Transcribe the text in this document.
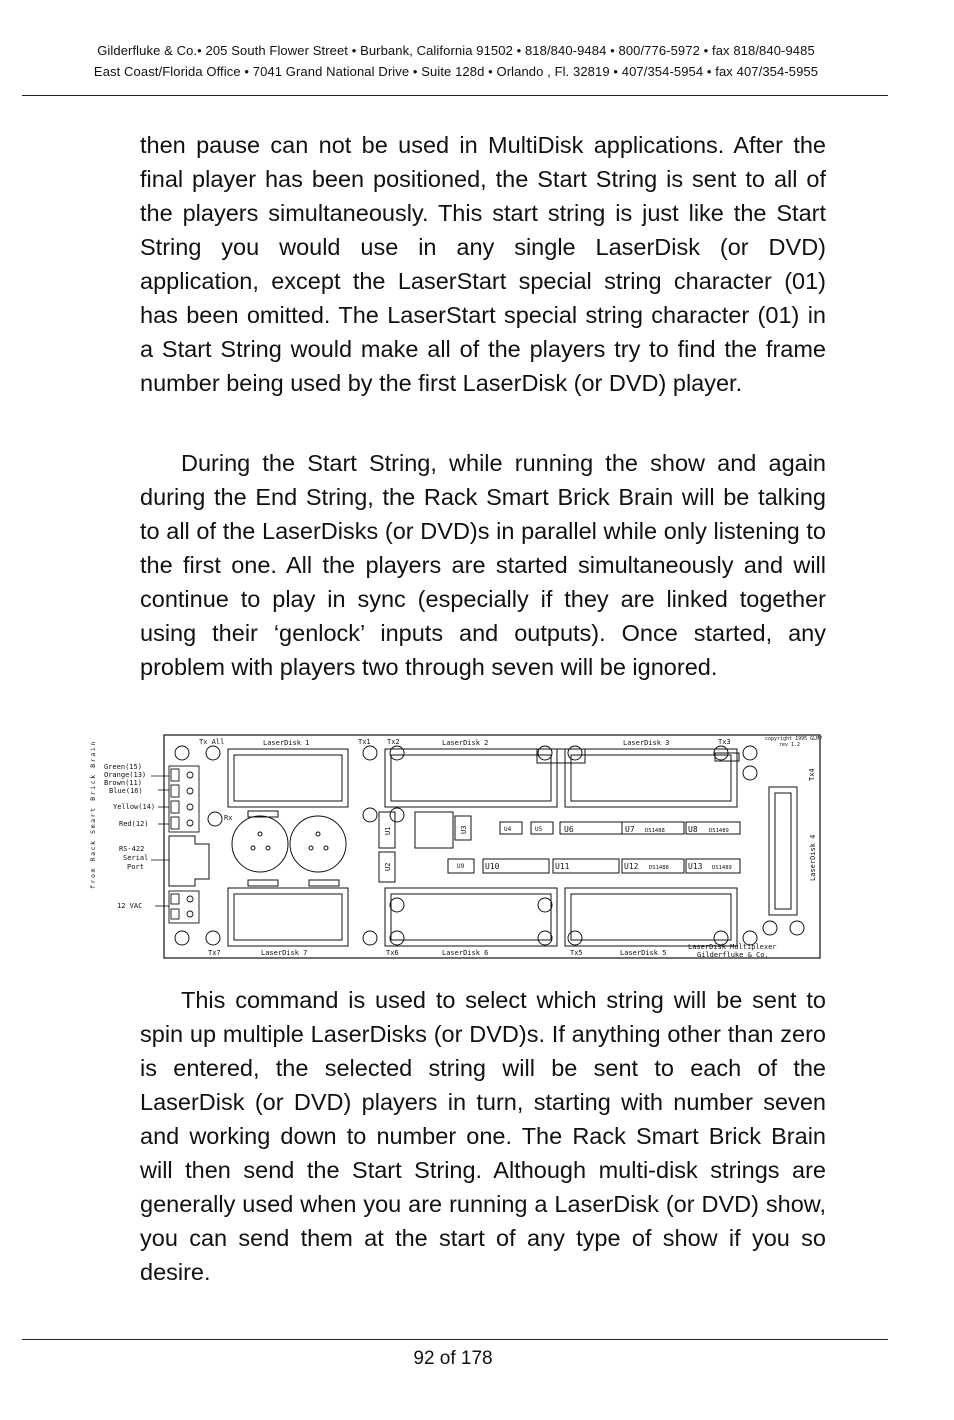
Gilderfluke & Co.• 205 South Flower Street • Burbank, California 91502 • 818/840-9484 • 800/776-5972 • fax 818/840-9485
East Coast/Florida Office • 7041 Grand National Drive • Suite 128d • Orlando , Fl. 32819 • 407/354-5954 • fax 407/354-5955

then pause can not be used in MultiDisk applications. After the final player has been positioned, the Start String is sent to all of the players simultaneously. This start string is just like the Start String you would use in any single LaserDisk (or DVD) application, except the LaserStart special string character (01) has been omitted. The LaserStart special string character (01) in a Start String would make all of the players try to find the frame number being used by the first LaserDisk (or DVD) player.

During the Start String, while running the show and again during the End String, the Rack Smart Brick Brain will be talking to all of the LaserDisks (or DVD)s in parallel while only listening to the first one. All the players are started simultaneously and will continue to play in sync (especially if they are linked together using their ‘genlock’ inputs and outputs). Once started, any problem with players two through seven will be ignored.

from Rack Smart Brick Brain Green(15)
Orange(13)
Brown(11)
Blue(16)
Yellow(14)
Red(12)
RS-422
Serial
Port
12 VAC
Rx
Tx All	LaserDisk 1	Tx1 Tx2	LaserDisk 2	LaserDisk 3	Tx3	copyright 1995 GLMP
rev 1.2
LaserDisk 4
Tx4
U1
U2
U3	U4	U5	U6	U7 DS1488	U8 DS1489
U9	U10	U11	U12 DS1488 U13 DS1489
Tx7	LaserDisk 7	Tx6	LaserDisk 6	Tx5	LaserDisk 5
LaserDisk Multiplexer
Gilderfluke & Co.

This command is used to select which string will be sent to spin up multiple LaserDisks (or DVD)s. If anything other than zero is entered, the selected string will be sent to each of the LaserDisk (or DVD) players in turn, starting with number seven and working down to number one. The Rack Smart Brick Brain will then send the Start String. Although multi-disk strings are generally used when you are running a LaserDisk (or DVD) show, you can send them at the start of any type of show if you so desire.

92 of 178
